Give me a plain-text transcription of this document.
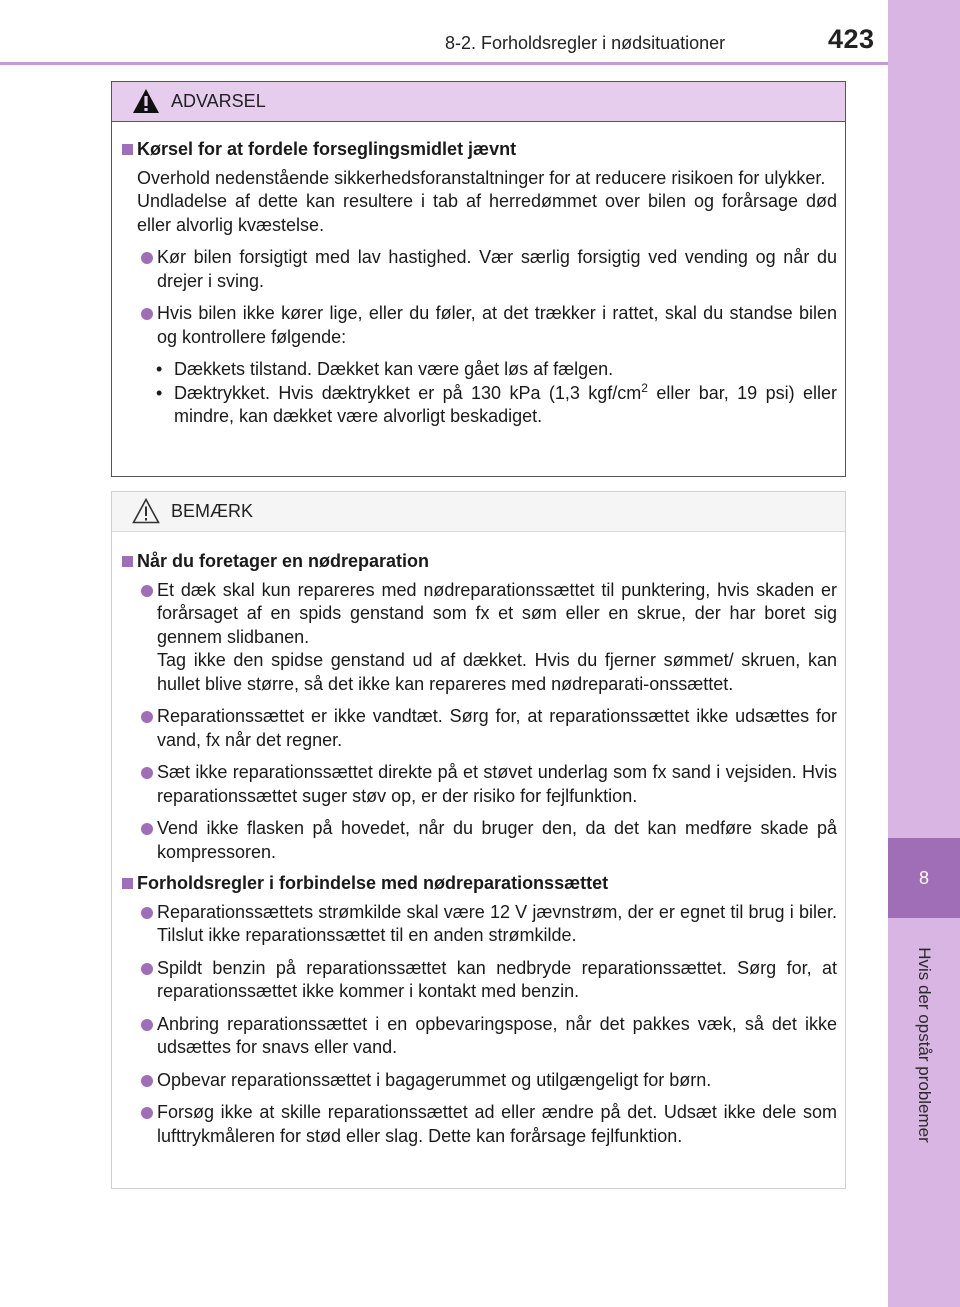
8-2. Forholdsregler i nødsituationer	423
8
Hvis der opstår problemer
ADVARSEL
Kørsel for at fordele forseglingsmidlet jævnt
Overhold nedenstående sikkerhedsforanstaltninger for at reducere risikoen for ulykker.
Undladelse af dette kan resultere i tab af herredømmet over bilen og forårsage død eller alvorlig kvæstelse.
Kør bilen forsigtigt med lav hastighed. Vær særlig forsigtig ved vending og når du drejer i sving.
Hvis bilen ikke kører lige, eller du føler, at det trækker i rattet, skal du standse bilen og kontrollere følgende:
• Dækkets tilstand. Dækket kan være gået løs af fælgen.
• Dæktrykket. Hvis dæktrykket er på 130 kPa (1,3 kgf/$cm^2$ eller bar, 19 psi) eller mindre, kan dækket være alvorligt beskadiget.
BEMÆRK
Når du foretager en nødreparation
Et dæk skal kun repareres med nødreparationssættet til punktering, hvis skaden er forårsaget af en spids genstand som fx et søm eller en skrue, der har boret sig gennem slidbanen.
Tag ikke den spidse genstand ud af dækket. Hvis du fjerner sømmet/ skruen, kan hullet blive større, så det ikke kan repareres med nødreparati-onssættet.
Reparationssættet er ikke vandtæt. Sørg for, at reparationssættet ikke udsættes for vand, fx når det regner.
Sæt ikke reparationssættet direkte på et støvet underlag som fx sand i vejsiden. Hvis reparationssættet suger støv op, er der risiko for fejlfunktion.
Vend ikke flasken på hovedet, når du bruger den, da det kan medføre skade på kompressoren.
Forholdsregler i forbindelse med nødreparationssættet
Reparationssættets strømkilde skal være 12 V jævnstrøm, der er egnet til brug i biler. Tilslut ikke reparationssættet til en anden strømkilde.
Spildt benzin på reparationssættet kan nedbryde reparationssættet. Sørg for, at reparationssættet ikke kommer i kontakt med benzin.
Anbring reparationssættet i en opbevaringspose, når det pakkes væk, så det ikke udsættes for snavs eller vand.
Opbevar reparationssættet i bagagerummet og utilgængeligt for børn.
Forsøg ikke at skille reparationssættet ad eller ændre på det. Udsæt ikke dele som lufttrykmåleren for stød eller slag. Dette kan forårsage fejlfunktion.
